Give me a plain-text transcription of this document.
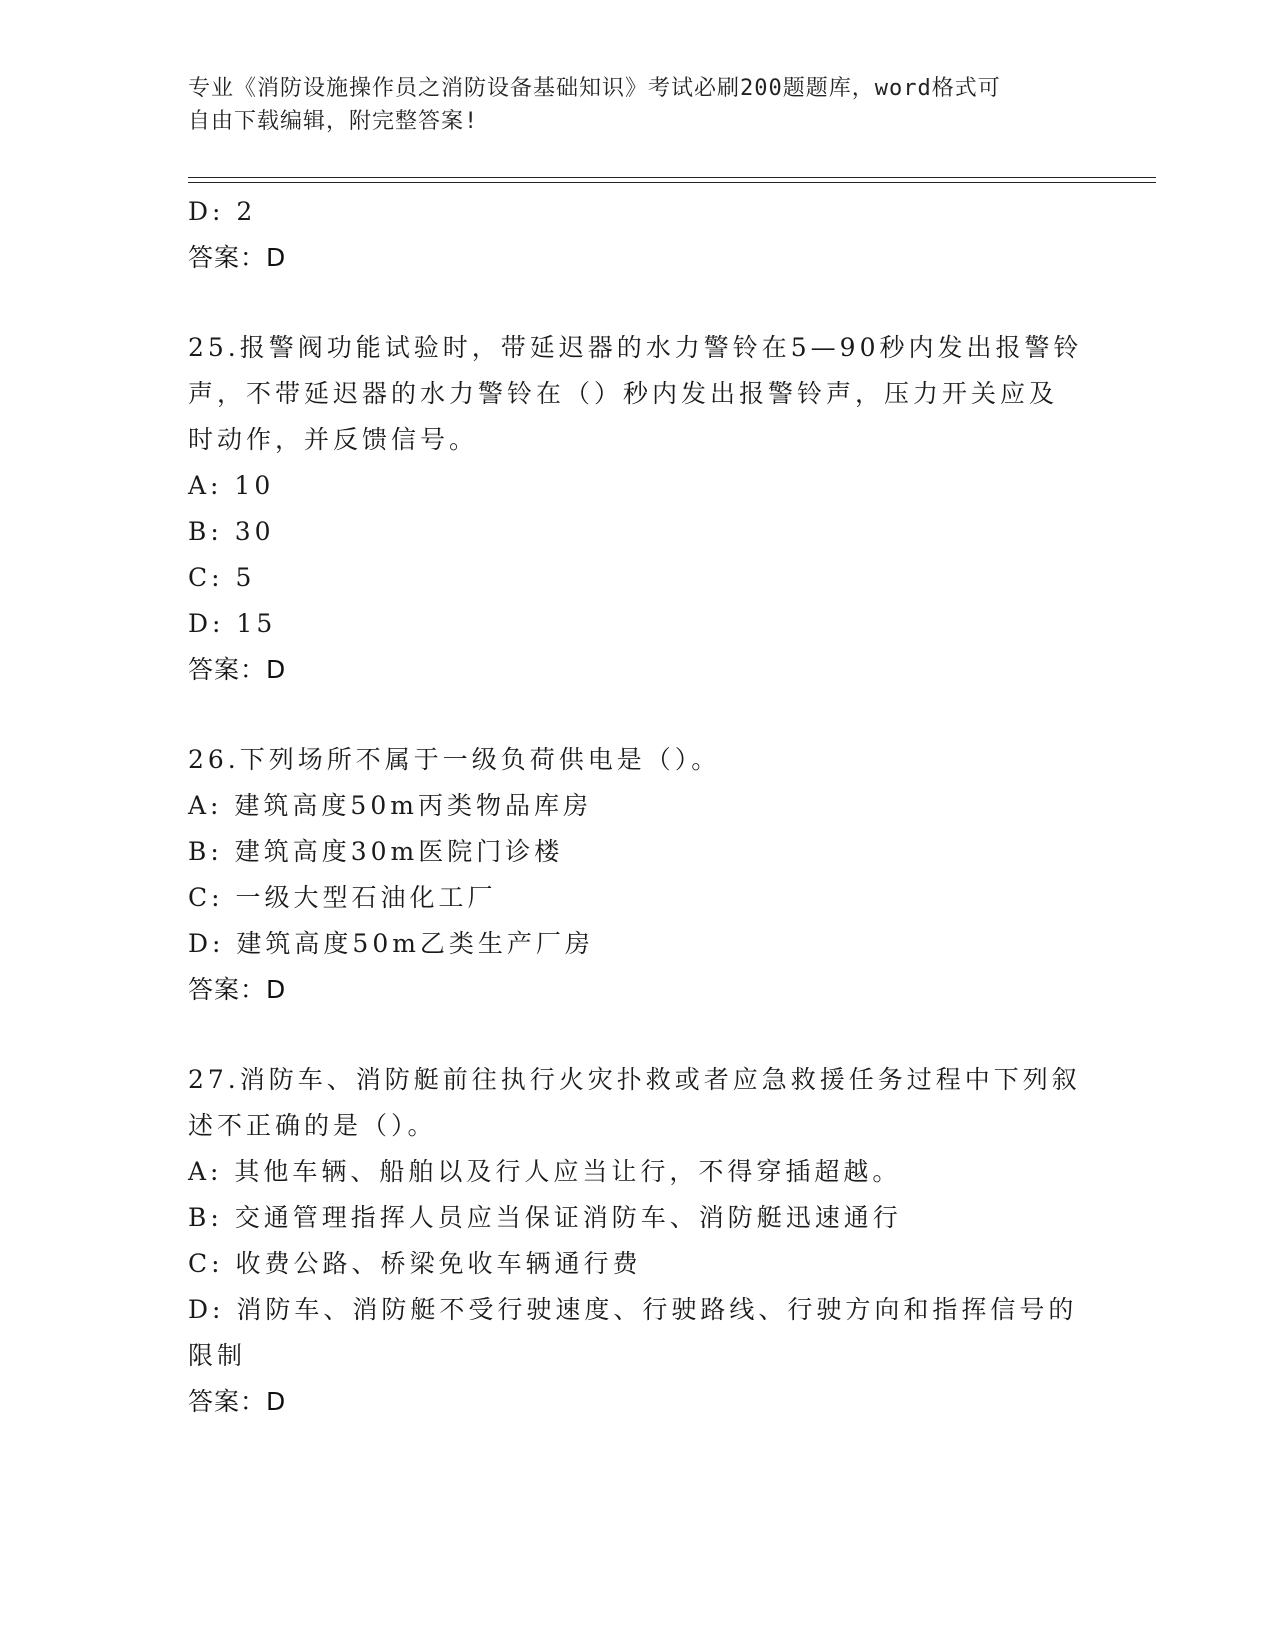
专业《消防设施操作员之消防设备基础知识》考试必刷200题题库，word格式可
自由下载编辑，附完整答案!

D: 2

答案：D

25.报警阀功能试验时，带延迟器的水力警铃在5—90秒内发出报警铃

声，不带延迟器的水力警铃在（）秒内发出报警铃声，压力开关应及

时动作，并反馈信号。

A: 10

B: 30

C: 5

D: 15

答案：D

26.下列场所不属于一级负荷供电是（）。

A: 建筑高度50m丙类物品库房

B: 建筑高度30m医院门诊楼

C: 一级大型石油化工厂

D: 建筑高度50m乙类生产厂房

答案：D

27.消防车、消防艇前往执行火灾扑救或者应急救援任务过程中下列叙

述不正确的是（）。

A: 其他车辆、船舶以及行人应当让行，不得穿插超越。

B: 交通管理指挥人员应当保证消防车、消防艇迅速通行

C: 收费公路、桥梁免收车辆通行费

D: 消防车、消防艇不受行驶速度、行驶路线、行驶方向和指挥信号的

限制

答案：D
